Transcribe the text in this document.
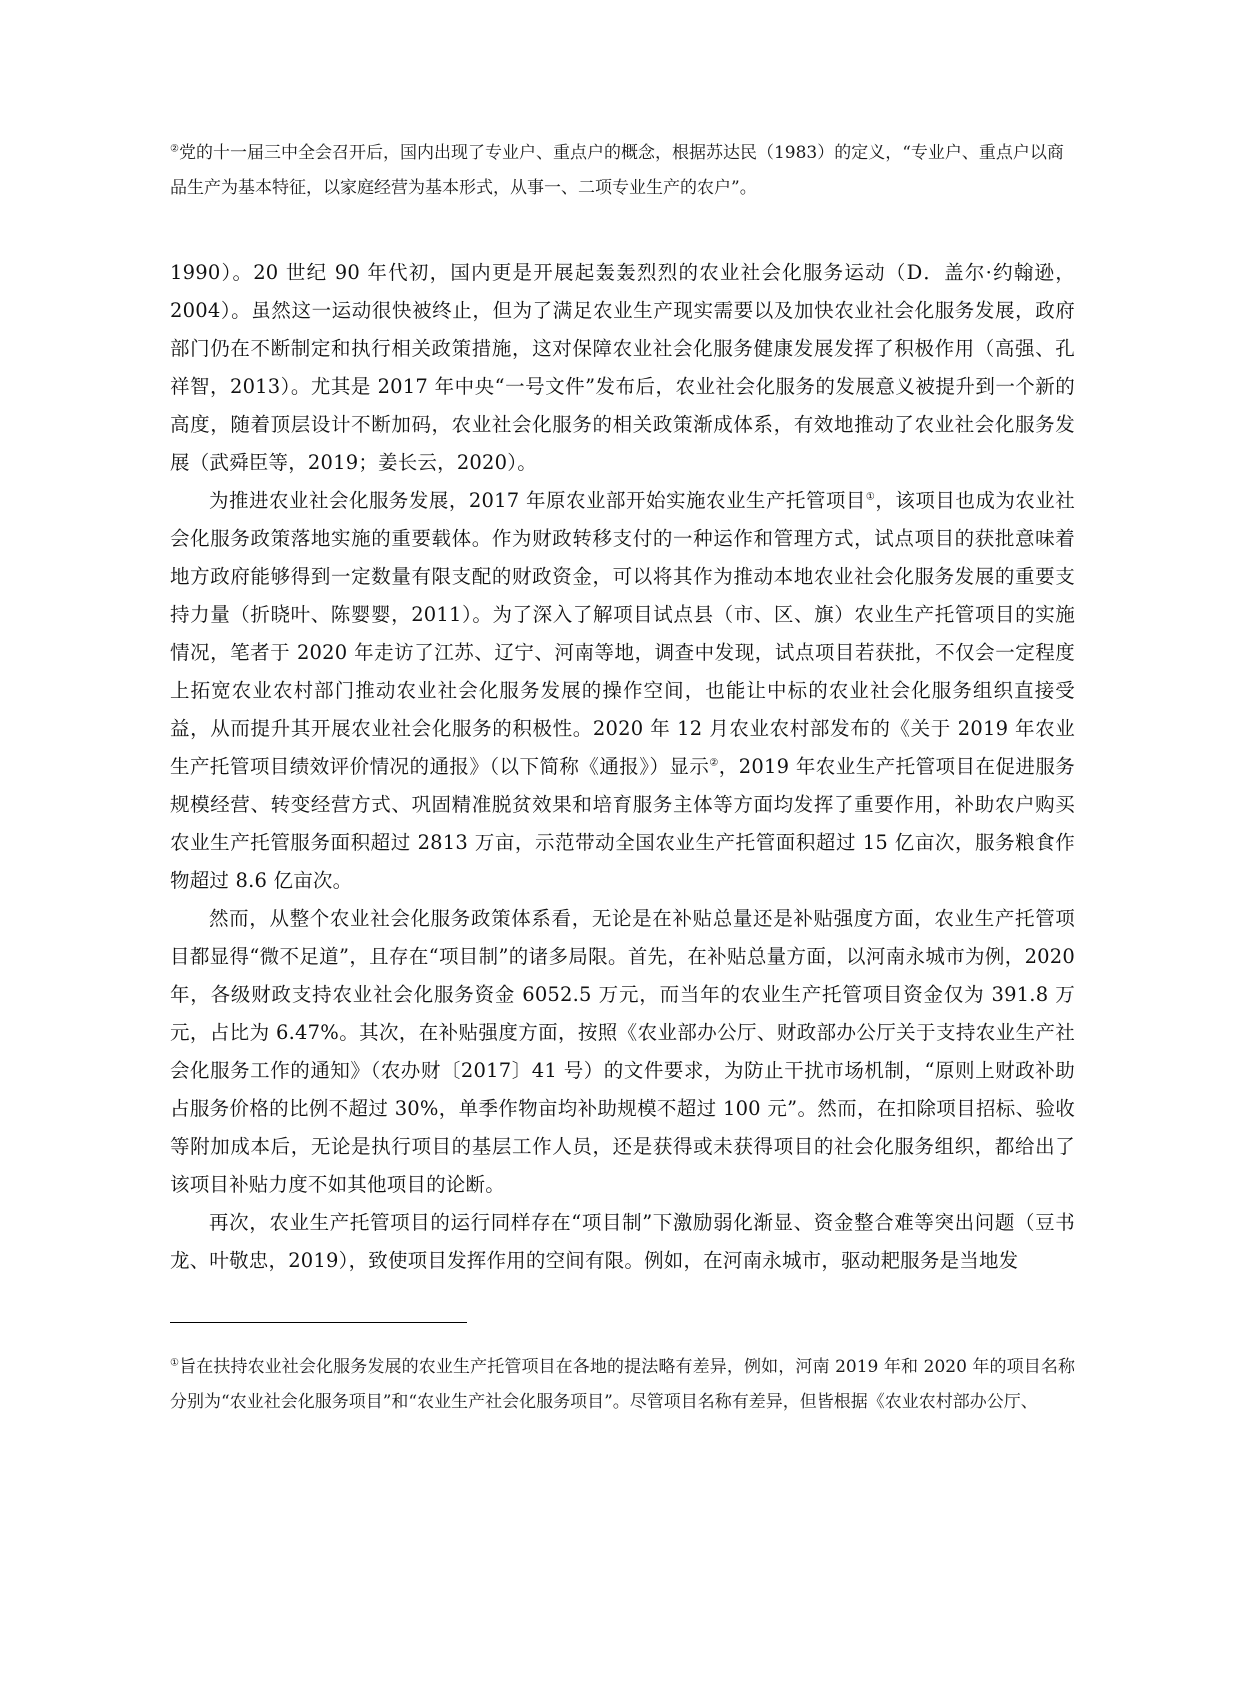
②党的十一届三中全会召开后，国内出现了专业户、重点户的概念，根据苏达民（1983）的定义，“专业户、重点户以商品生产为基本特征，以家庭经营为基本形式，从事一、二项专业生产的农户”。

1990）。20 世纪 90 年代初，国内更是开展起轰轰烈烈的农业社会化服务运动（D．盖尔·约翰逊， 2004）。虽然这一运动很快被终止，但为了满足农业生产现实需要以及加快农业社会化服务发展，政府部门仍在不断制定和执行相关政策措施，这对保障农业社会化服务健康发展发挥了积极作用（高强、孔祥智，2013）。尤其是 2017 年中央“一号文件”发布后，农业社会化服务的发展意义被提升到一个新的高度，随着顶层设计不断加码，农业社会化服务的相关政策渐成体系，有效地推动了农业社会化服务发展（武舜臣等，2019；姜长云，2020）。

为推进农业社会化服务发展，2017 年原农业部开始实施农业生产托管项目①，该项目也成为农业社会化服务政策落地实施的重要载体。作为财政转移支付的一种运作和管理方式，试点项目的获批意味着地方政府能够得到一定数量有限支配的财政资金，可以将其作为推动本地农业社会化服务发展的重要支持力量（折晓叶、陈婴婴，2011）。为了深入了解项目试点县（市、区、旗）农业生产托管项目的实施情况，笔者于 2020 年走访了江苏、辽宁、河南等地，调查中发现，试点项目若获批，不仅会一定程度上拓宽农业农村部门推动农业社会化服务发展的操作空间，也能让中标的农业社会化服务组织直接受益，从而提升其开展农业社会化服务的积极性。2020 年 12 月农业农村部发布的《关于 2019 年农业生产托管项目绩效评价情况的通报》（以下简称《通报》）显示②，2019 年农业生产托管项目在促进服务规模经营、转变经营方式、巩固精准脱贫效果和培育服务主体等方面均发挥了重要作用，补助农户购买农业生产托管服务面积超过 2813 万亩，示范带动全国农业生产托管面积超过 15 亿亩次，服务粮食作物超过 8.6 亿亩次。

然而，从整个农业社会化服务政策体系看，无论是在补贴总量还是补贴强度方面，农业生产托管项目都显得“微不足道”，且存在“项目制”的诸多局限。首先，在补贴总量方面，以河南永城市为例，2020 年，各级财政支持农业社会化服务资金 6052.5 万元，而当年的农业生产托管项目资金仅为 391.8 万元，占比为 6.47%。其次，在补贴强度方面，按照《农业部办公厅、财政部办公厅关于支持农业生产社会化服务工作的通知》（农办财〔2017〕41 号）的文件要求，为防止干扰市场机制，“原则上财政补助占服务价格的比例不超过 30%，单季作物亩均补助规模不超过 100 元”。然而，在扣除项目招标、验收等附加成本后，无论是执行项目的基层工作人员，还是获得或未获得项目的社会化服务组织，都给出了该项目补贴力度不如其他项目的论断。

再次，农业生产托管项目的运行同样存在“项目制”下激励弱化渐显、资金整合难等突出问题（豆书龙、叶敬忠，2019），致使项目发挥作用的空间有限。例如，在河南永城市，驱动耙服务是当地发

①旨在扶持农业社会化服务发展的农业生产托管项目在各地的提法略有差异，例如，河南 2019 年和 2020 年的项目名称分别为“农业社会化服务项目”和“农业生产社会化服务项目”。尽管项目名称有差异，但皆根据《农业农村部办公厅、
